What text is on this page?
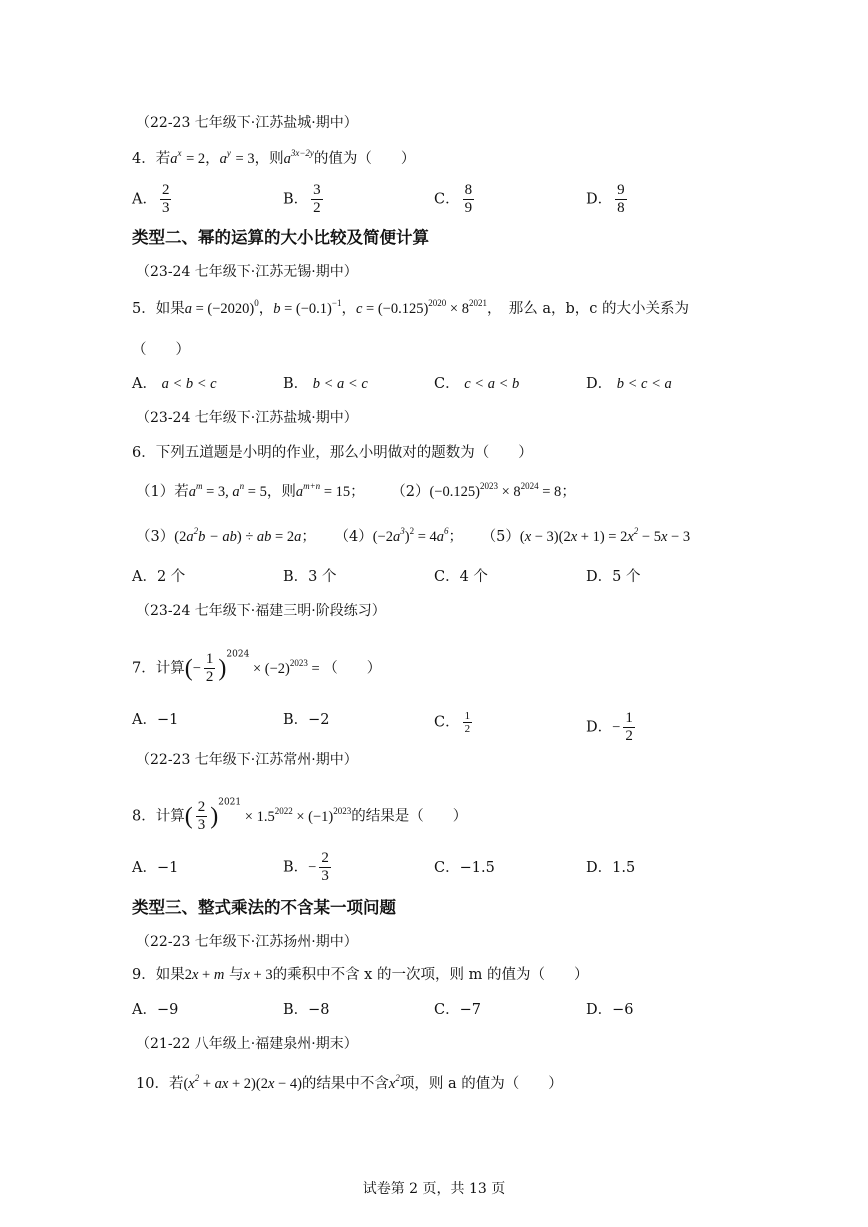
（22-23 七年级下·江苏盐城·期中）
4．若$a^x = 2$，$a^y = 3$，则$a^{3x-2y}$的值为（　　）
A． $\frac{2}{3}$	B． $\frac{3}{2}$	C． $\frac{8}{9}$	D． $\frac{9}{8}$
类型二、幂的运算的大小比较及简便计算
（23-24 七年级下·江苏无锡·期中）
5．如果$a = (-2020)^0$，$b = (-0.1)^{-1}$，$c = (-0.125)^{2020} \times 8^{2021}$，　那么 a，b，c 的大小关系为
（　　）
A． a < b < c	B． b < a < c	C． c < a < b	D． b < c < a
（23-24 七年级下·江苏盐城·期中）
6．下列五道题是小明的作业，那么小明做对的题数为（　　）
（1）若$a^m = 3$, $a^n = 5$，则$a^{m+n} = 15$； $(2)(-0.125)^{2023} \times 8^{2024} = 8$；
$(3)(2a^2b - ab)$ ÷ ab = 2a； $(4)(-2a^3)^2 = 4a^6$； $(5)(x - 3)(2x + 1) = 2x^2 - 5x - 3$
A．2 个	B．3 个	C．4 个	D．5 个
（23-24 七年级下·福建三明·阶段练习）
7．计算(− $\frac{1}{2} )^{2024} \times (-2)^{2023}$ = （　　）
A．−1	B．−2	C． $\frac{1}{2}$	D．− $\frac{1}{2}$
（22-23 七年级下·江苏常州·期中）
8．计算( $\frac{2}{3} )^{2021} \times 1.5^{2022} \times (-1)^{2023}$的结果是（　　）
A．−1	B．− $\frac{2}{3}$	C．−1.5	D．1.5
类型三、整式乘法的不含某一项问题
（22-23 七年级下·江苏扬州·期中）
9．如果2x + m 与x + 3的乘积中不含 x 的一次项，则 m 的值为（　　）
A．−9	B．−8	C．−7	D．−6
（21-22 八年级上·福建泉州·期末）
10．若($x^2$ + ax + 2)(2x − 4)的结果中不含$x^2$项，则 a 的值为（　　）
试卷第 2 页，共 13 页
